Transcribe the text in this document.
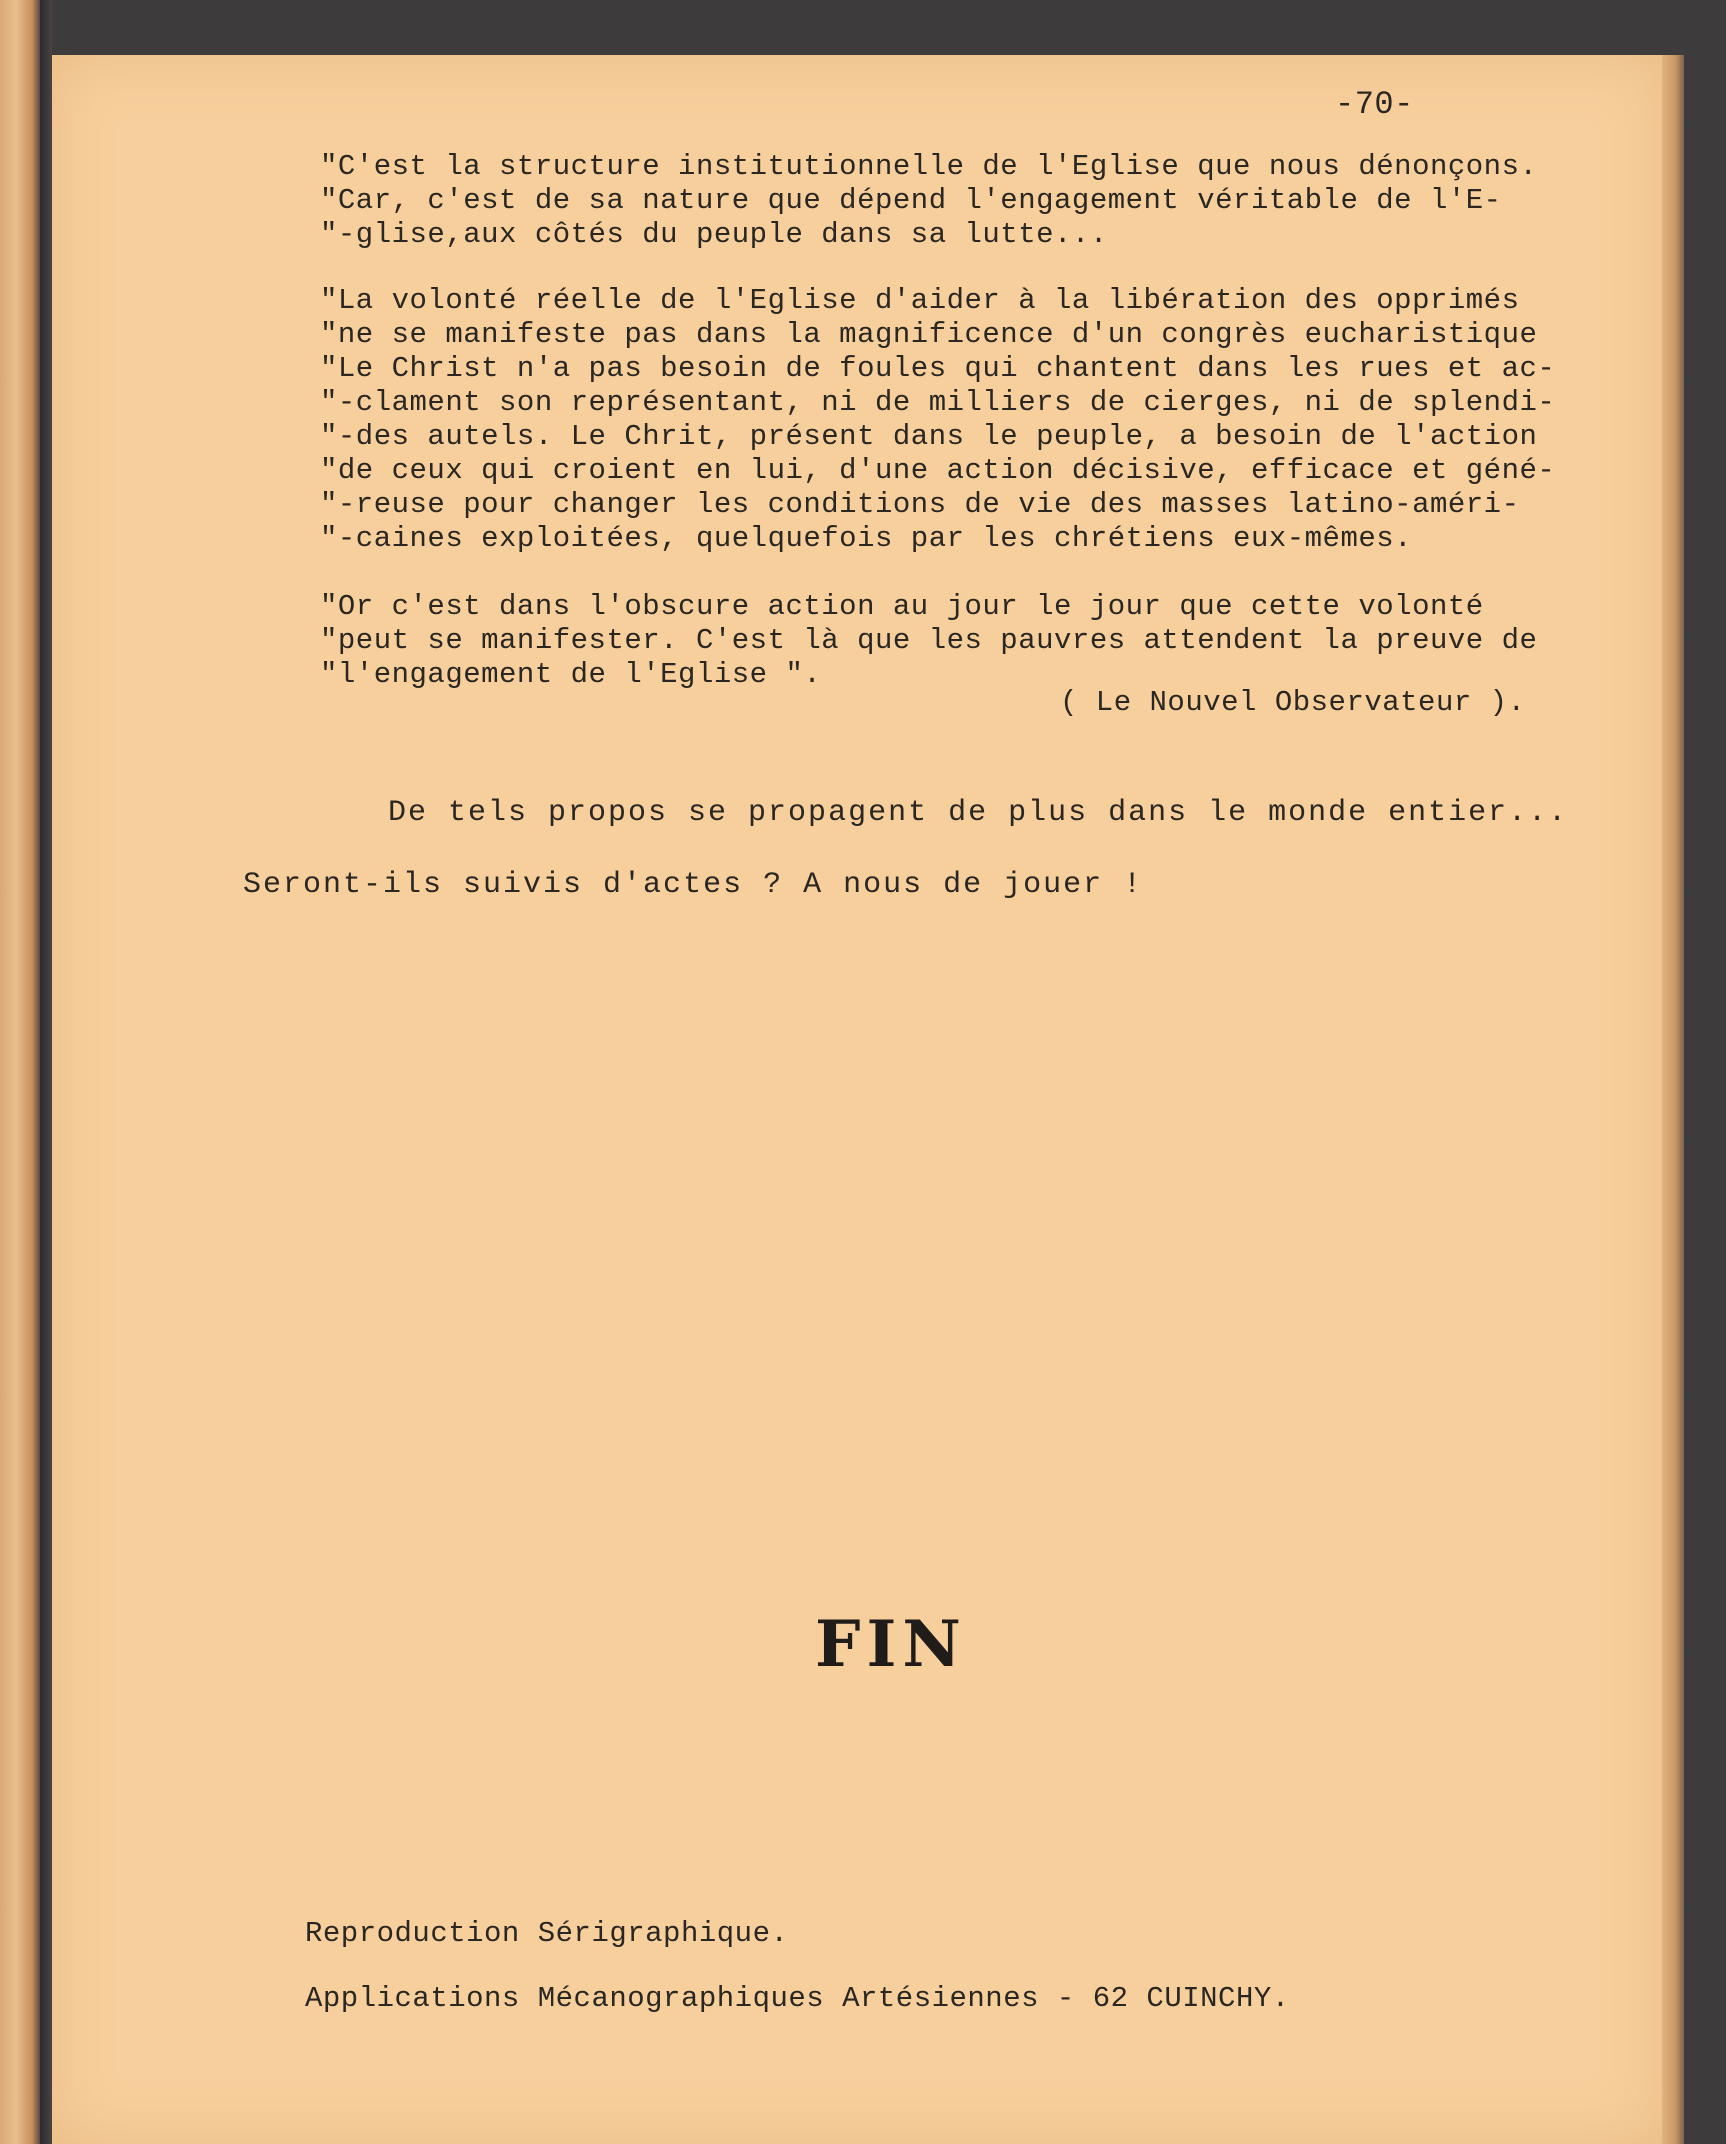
-70-
"C'est la structure institutionnelle de l'Eglise que nous dénonçons.
"Car, c'est de sa nature que dépend l'engagement véritable de l'E-
"-glise,aux côtés du peuple dans sa lutte...
"La volonté réelle de l'Eglise d'aider à la libération des opprimés
"ne se manifeste pas dans la magnificence d'un congrès eucharistique
"Le Christ n'a pas besoin de foules qui chantent dans les rues et ac-
"-clament son représentant, ni de milliers de cierges, ni de splendi-
"-des autels. Le Chrit, présent dans le peuple, a besoin de l'action
"de ceux qui croient en lui, d'une action décisive, efficace et géné-
"-reuse pour changer les conditions de vie des masses latino-améri-
"-caines exploitées, quelquefois par les chrétiens eux-mêmes.
"Or c'est dans l'obscure action au jour le jour que cette volonté
"peut se manifester. C'est là que les pauvres attendent la preuve de
"l'engagement de l'Eglise ".
( Le Nouvel Observateur ).
De tels propos se propagent de plus dans le monde entier...
Seront-ils suivis d'actes ? A nous de jouer !
FIN
Reproduction Sérigraphique.
Applications Mécanographiques Artésiennes - 62 CUINCHY.
